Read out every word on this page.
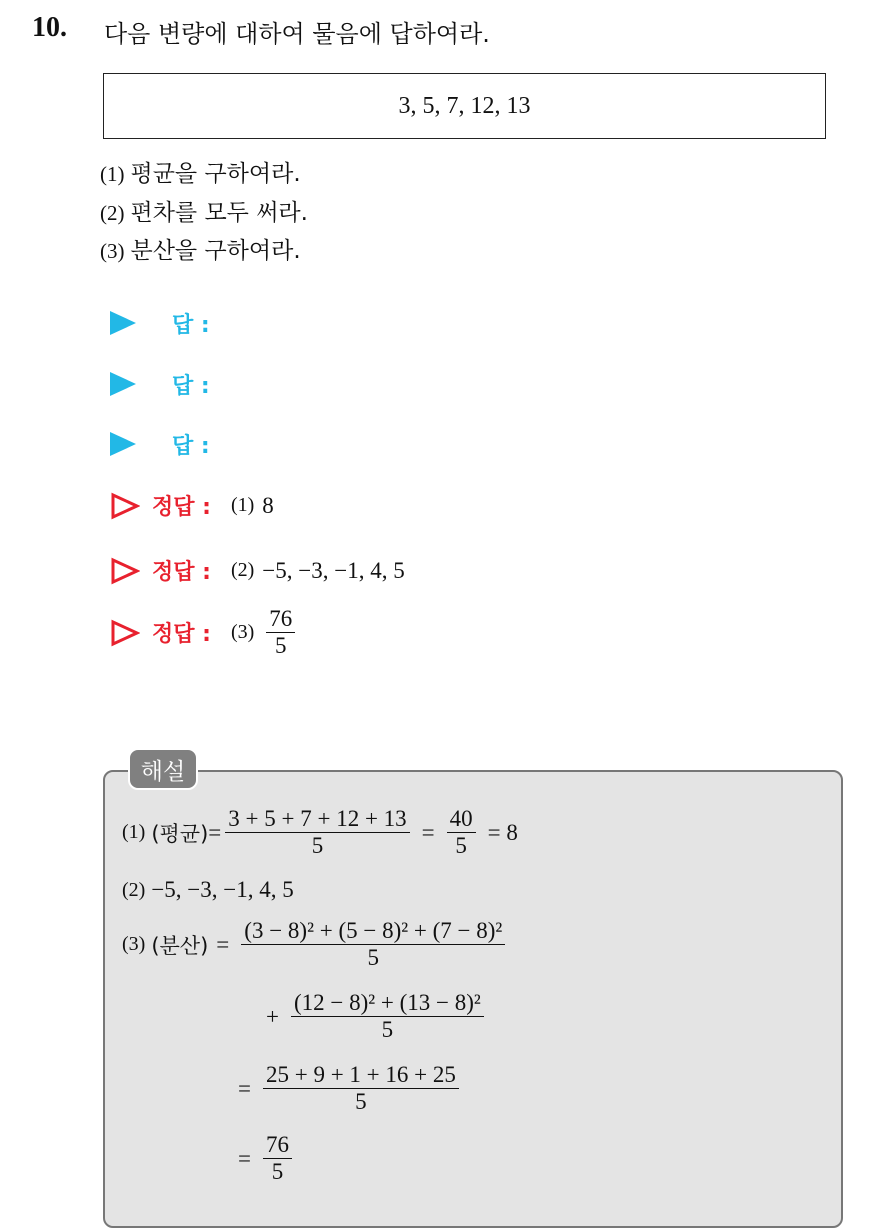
10. 다음 변량에 대하여 물음에 답하여라.
3, 5, 7, 12, 13
(1) 평균을 구하여라.
(2) 편차를 모두 써라.
(3) 분산을 구하여라.
답 :
답 :
답 :
정답 : (1) 8
정답 : (2) −5, −3, −1, 4, 5
정답 : $(3) \frac{76}{5}$
해설
(1) (평균) = $\frac{3 + 5 + 7 + 12 + 13}{5} = \frac{40}{5} = 8$
(2) −5, −3, −1, 4, 5
(3) (분산) = $\frac{\text{(3 − 8)² + (5 − 8)² + (7 − 8)²}}{5}$
+ $\frac{\text{(12 − 8)² + (13 − 8)²}}{5}$
= $\frac{25 + 9 + 1 + 16 + 25}{5}$
= $\frac{76}{5}$
